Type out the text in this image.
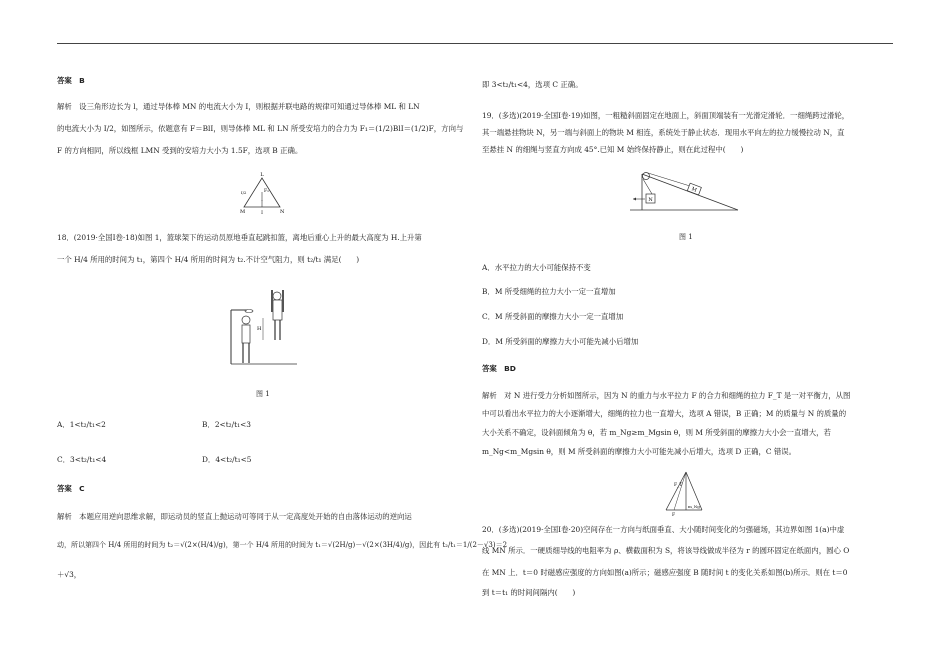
答案　B
解析　设三角形边长为 l，通过导体棒 MN 的电流大小为 I，则根据并联电路的规律可知通过导体棒 ML 和 LN
的电流大小为 I/2，如图所示，依题意有 F＝BlI，则导体棒 ML 和 LN 所受安培力的合力为 F₁＝(1/2)BlI＝(1/2)F，方向与
F 的方向相同，所以线框 LMN 受到的安培力大小为 1.5F，选项 B 正确。
L
M	N
F₁
I
I/2
18．(2019·全国Ⅰ卷·18)如图 1，篮球架下的运动员原地垂直起跳扣篮，离地后重心上升的最大高度为 H.上升第
一个 H/4 所用的时间为 t₁，第四个 H/4 所用的时间为 t₂.不计空气阻力，则 t₂/t₁ 满足(　　)
H
图 1
A．1<t₂/t₁<2	B．2<t₂/t₁<3
C．3<t₂/t₁<4	D．4<t₂/t₁<5
答案　C
解析　本题应用逆向思维求解，即运动员的竖直上抛运动可等同于从一定高度处开始的自由落体运动的逆向运
动，所以第四个 H/4 所用的时间为 t₂＝√(2×(H/4)/g)，第一个 H/4 所用的时间为 t₁＝√(2H/g)－√(2×(3H/4)/g)，因此有 t₂/t₁＝1/(2－√3)＝2
＋√3，
即 3<t₂/t₁<4，选项 C 正确。
19．(多选)(2019·全国Ⅰ卷·19)如图，一粗糙斜面固定在地面上，斜面顶端装有一光滑定滑轮．一细绳跨过滑轮，
其一端悬挂物块 N，另一端与斜面上的物块 M 相连，系统处于静止状态．现用水平向左的拉力缓慢拉动 N，直
至悬挂 N 的细绳与竖直方向成 45°.已知 M 始终保持静止，则在此过程中(　　)
M
N
图 1
A．水平拉力的大小可能保持不变
B．M 所受细绳的拉力大小一定一直增加
C．M 所受斜面的摩擦力大小一定一直增加
D．M 所受斜面的摩擦力大小可能先减小后增加
答案　BD
解析　对 N 进行受力分析如图所示，因为 N 的重力与水平拉力 F 的合力和细绳的拉力 F_T 是一对平衡力，从图
中可以看出水平拉力的大小逐渐增大，细绳的拉力也一直增大，选项 A 错误，B 正确；M 的质量与 N 的质量的
大小关系不确定，设斜面倾角为 θ，若 m_Ng≥m_Mgsin θ，则 M 所受斜面的摩擦力大小会一直增大，若
m_Ng<m_Mgsin θ，则 M 所受斜面的摩擦力大小可能先减小后增大，选项 D 正确，C 错误。
F_T
F
m_Ng
20．(多选)(2019·全国Ⅰ卷·20)空间存在一方向与纸面垂直、大小随时间变化的匀强磁场，其边界如图 1(a)中虚
线 MN 所示．一硬质细导线的电阻率为 ρ、横截面积为 S，将该导线做成半径为 r 的圆环固定在纸面内，圆心 O
在 MN 上．t＝0 时磁感应强度的方向如图(a)所示；磁感应强度 B 随时间 t 的变化关系如图(b)所示．则在 t＝0
到 t＝t₁ 的时间间隔内(　　)
